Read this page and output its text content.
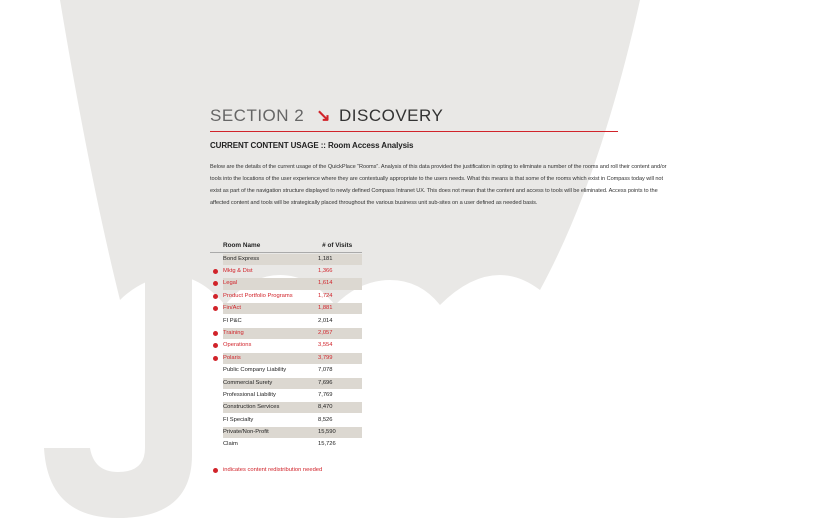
SECTION 2 ↘ DISCOVERY
CURRENT CONTENT USAGE :: Room Access Analysis
Below are the details of the current usage of the QuickPlace “Rooms”. Analysis of this data provided the justification in opting to eliminate a number of the rooms and roll their content and/or tools into the locations of the user experience where they are contextually appropriate to the users needs. What this means is that some of the rooms which exist in Compass today will not exist as part of the navigation structure displayed to newly defined Compass Intranet UX. This does not mean that the content and access to tools will be eliminated. Access points to the affected content and tools will be strategically placed throughout the various business unit sub-sites on a user defined as needed basis.
Room Name	# of Visits
Bond Express	1,181
Mktg & Dist	1,366
Legal	1,614
Product Portfolio Programs	1,724
Fin/Act	1,881
FI P&C	2,014
Training	2,057
Operations	3,554
Polaris	3,799
Public Company Liability	7,078
Commercial Surety	7,696
Professional Liability	7,769
Construction Services	8,470
FI Specialty	8,526
Private/Non-Profit	15,590
Claim	15,726
indicates content redistribution needed
